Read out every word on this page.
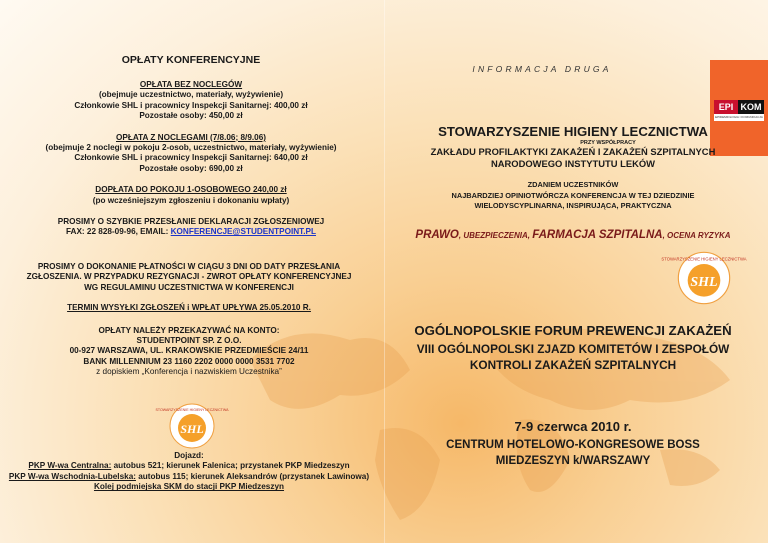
OPŁATY KONFERENCYJNE

OPŁATA BEZ NOCLEGÓW

(obejmuje uczestnictwo, materiały, wyżywienie)

Członkowie SHL i pracownicy Inspekcji Sanitarnej: 400,00 zł

Pozostałe osoby: 450,00 zł

OPŁATA Z NOCLEGAMI (7/8.06; 8/9.06)

(obejmuje 2 noclegi w pokoju 2-osob, uczestnictwo, materiały, wyżywienie)

Członkowie SHL i pracownicy Inspekcji Sanitarnej: 640,00 zł

Pozostałe osoby: 690,00 zł

DOPŁATA DO POKOJU 1-OSOBOWEGO 240,00 zł

(po wcześniejszym zgłoszeniu i dokonaniu wpłaty)

PROSIMY O SZYBKIE PRZESŁANIE DEKLARACJI ZGŁOSZENIOWEJ

FAX: 22 828-09-96, EMAIL: KONFERENCJE@STUDENTPOINT.PL

PROSIMY O DOKONANIE PŁATNOŚCI W CIĄGU 3 DNI OD DATY PRZESŁANIA

ZGŁOSZENIA. W PRZYPADKU REZYGNACJI - ZWROT OPŁATY KONFERENCYJNEJ

WG REGULAMINU UCZESTNICTWA W KONFERENCJI

TERMIN WYSYŁKI ZGŁOSZEŃ i WPŁAT UPŁYWA 25.05.2010 R.

OPŁATY NALEŻY PRZEKAZYWAĆ NA KONTO:

STUDENTPOINT SP. Z O.O.

00-927 WARSZAWA, UL. KRAKOWSKIE PRZEDMIEŚCIE 24/11

BANK MILLENNIUM 23 1160 2202 0000 0000 3531 7702

z dopiskiem „Konferencja i nazwiskiem Uczestnika”

SHL
STOWARZYSZENIE HIGIENY LECZNICTWA

Dojazd:

PKP W-wa Centralna: autobus 521; kierunek Falenica; przystanek PKP Miedzeszyn

PKP W-wa Wschodnia-Lubelska: autobus 115; kierunek Aleksandrów (przystanek Lawinowa)

Kolej podmiejska SKM do stacji PKP Miedzeszyn

INFORMACJA DRUGA

EPI KOM
EPIDEMIOLOGIA I KOMUNIKACJA

STOWARZYSZENIE HIGIENY LECZNICTWA

PRZY WSPÓŁPRACY

ZAKŁADU PROFILAKTYKI ZAKAŻEŃ I ZAKAŻEŃ SZPITALNYCH

NARODOWEGO INSTYTUTU LEKÓW

ZDANIEM UCZESTNIKÓW

NAJBARDZIEJ OPINIOTWÓRCZA KONFERENCJA W TEJ DZIEDZINIE

WIELODYSCYPLINARNA, INSPIRUJĄCA, PRAKTYCZNA

PRAWO, UBEZPIECZENIA, FARMACJA SZPITALNA, OCENA RYZYKA

SHL
STOWARZYSZENIE HIGIENY LECZNICTWA

OGÓLNOPOLSKIE FORUM PREWENCJI ZAKAŻEŃ

VIII OGÓLNOPOLSKI ZJAZD KOMITETÓW I ZESPOŁÓW

KONTROLI ZAKAŻEŃ SZPITALNYCH

7-9 czerwca 2010 r.

CENTRUM HOTELOWO-KONGRESOWE BOSS

MIEDZESZYN k/WARSZAWY
